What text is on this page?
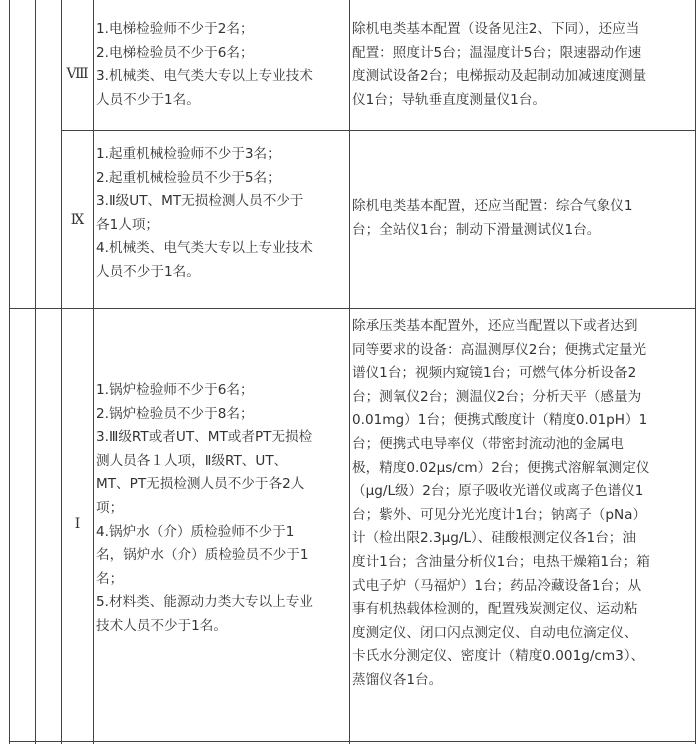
Ⅷ
1.电梯检验师不少于2名；
2.电梯检验员不少于6名；
3.机械类、电气类大专以上专业技术
人员不少于1名。
除机电类基本配置（设备见注2、下同），还应当
配置：照度计5台；温湿度计5台；限速器动作速
度测试设备2台；电梯振动及起制动加减速度测量
仪1台；导轨垂直度测量仪1台。
Ⅸ
1.起重机械检验师不少于3名；
2.起重机械检验员不少于5名；
3.Ⅱ级UT、MT无损检测人员不少于
各1人项；
4.机械类、电气类大专以上专业技术
人员不少于1名。
除机电类基本配置，还应当配置：综合气象仪1
台；全站仪1台；制动下滑量测试仪1台。
Ⅰ
1.锅炉检验师不少于6名；
2.锅炉检验员不少于8名；
3.Ⅲ级RT或者UT、MT或者PT无损检
测人员各１人项，Ⅱ级RT、UT、
MT、PT无损检测人员不少于各2人
项；
4.锅炉水（介）质检验师不少于1
名，锅炉水（介）质检验员不少于1
名；
5.材料类、能源动力类大专以上专业
技术人员不少于1名。
除承压类基本配置外，还应当配置以下或者达到
同等要求的设备：高温测厚仪2台；便携式定量光
谱仪1台；视频内窥镜1台；可燃气体分析设备2
台；测氧仪2台；测温仪2台；分析天平（感量为
0.01mg）1台；便携式酸度计（精度0.01pH）1
台；便携式电导率仪（带密封流动池的金属电
极，精度0.02μs/cm）2台；便携式溶解氧测定仪
（μg/L级）2台；原子吸收光谱仪或离子色谱仪1
台；紫外、可见分光光度计1台；钠离子（pNa）
计（检出限2.3μg/L）、硅酸根测定仪各1台；油
度计1台；含油量分析仪1台；电热干燥箱1台；箱
式电子炉（马福炉）1台；药品冷藏设备1台；从
事有机热载体检测的，配置残炭测定仪、运动粘
度测定仪、闭口闪点测定仪、自动电位滴定仪、
卡氏水分测定仪、密度计（精度0.001g/cm3）、
蒸馏仪各1台。
